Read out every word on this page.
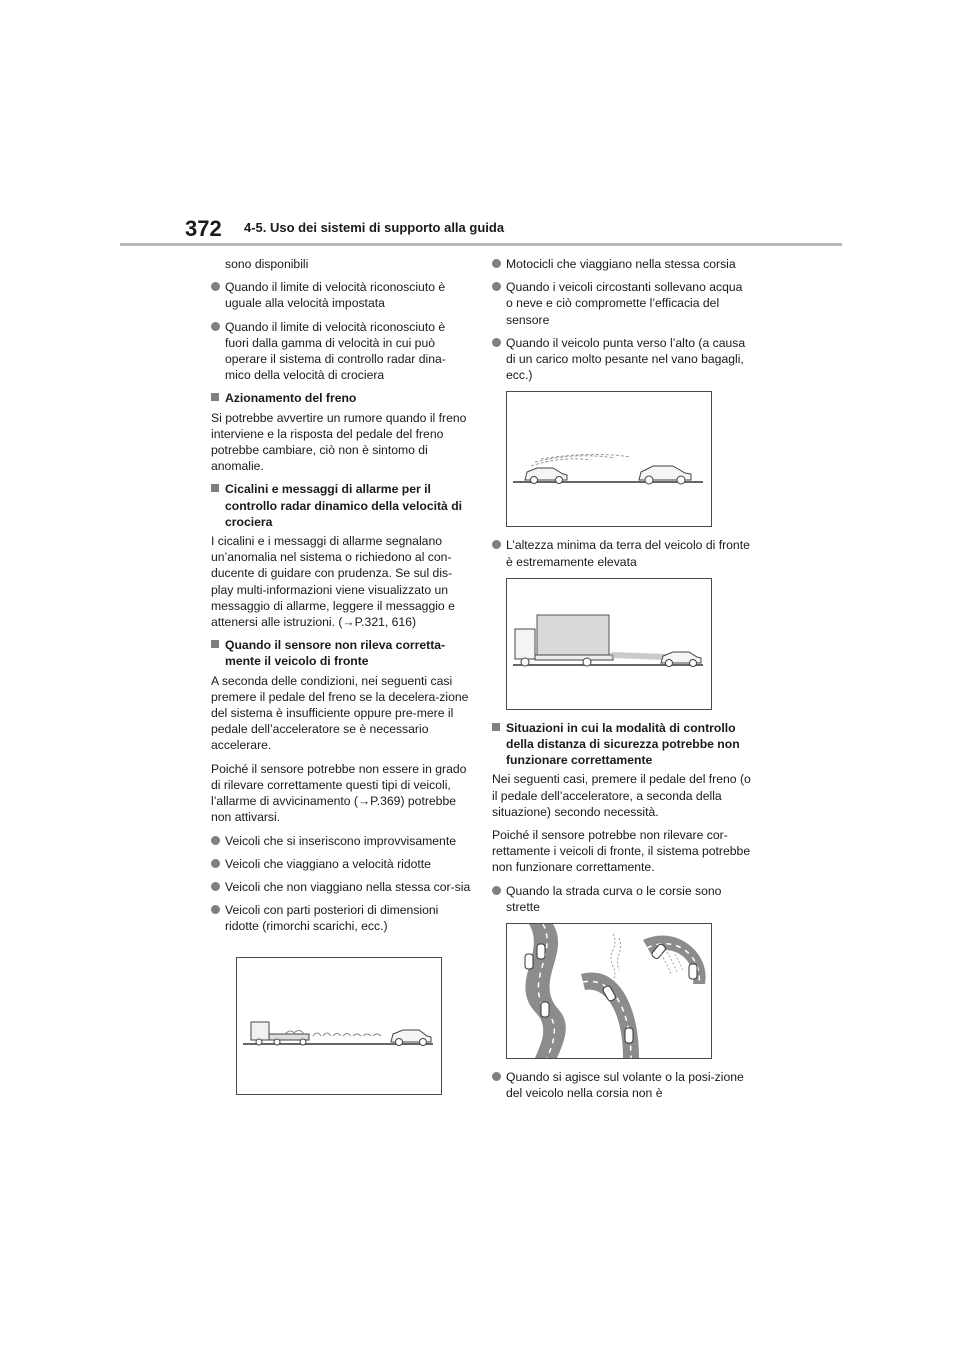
372 4-5. Uso dei sistemi di supporto alla guida

sono disponibili

Quando il limite di velocità riconosciuto è uguale alla velocità impostata

Quando il limite di velocità riconosciuto è fuori dalla gamma di velocità in cui può operare il sistema di controllo radar dina-mico della velocità di crociera

Azionamento del freno

Si potrebbe avvertire un rumore quando il freno interviene e la risposta del pedale del freno potrebbe cambiare, ciò non è sintomo di anomalie.

Cicalini e messaggi di allarme per il controllo radar dinamico della velocità di crociera

I cicalini e i messaggi di allarme segnalano un’anomalia nel sistema o richiedono al con-ducente di guidare con prudenza. Se sul dis-play multi-informazioni viene visualizzato un messaggio di allarme, leggere il messaggio e attenersi alle istruzioni. (→P.321, 616)

Quando il sensore non rileva corretta-mente il veicolo di fronte

A seconda delle condizioni, nei seguenti casi premere il pedale del freno se la decelera-zione del sistema è insufficiente oppure pre-mere il pedale dell’acceleratore se è necessario accelerare.

Poiché il sensore potrebbe non essere in grado di rilevare correttamente questi tipi di veicoli, l’allarme di avvicinamento (→P.369) potrebbe non attivarsi.

Veicoli che si inseriscono improvvisamente

Veicoli che viaggiano a velocità ridotte

Veicoli che non viaggiano nella stessa cor-sia

Veicoli con parti posteriori di dimensioni ridotte (rimorchi scarichi, ecc.)

Motocicli che viaggiano nella stessa corsia

Quando i veicoli circostanti sollevano acqua o neve e ciò compromette l’efficacia del sensore

Quando il veicolo punta verso l’alto (a causa di un carico molto pesante nel vano bagagli, ecc.)

L’altezza minima da terra del veicolo di fronte è estremamente elevata

Situazioni in cui la modalità di controllo della distanza di sicurezza potrebbe non funzionare correttamente

Nei seguenti casi, premere il pedale del freno (o il pedale dell’acceleratore, a seconda della situazione) secondo necessità.

Poiché il sensore potrebbe non rilevare cor-rettamente i veicoli di fronte, il sistema potrebbe non funzionare correttamente.

Quando la strada curva o le corsie sono strette

Quando si agisce sul volante o la posi-zione del veicolo nella corsia non è
